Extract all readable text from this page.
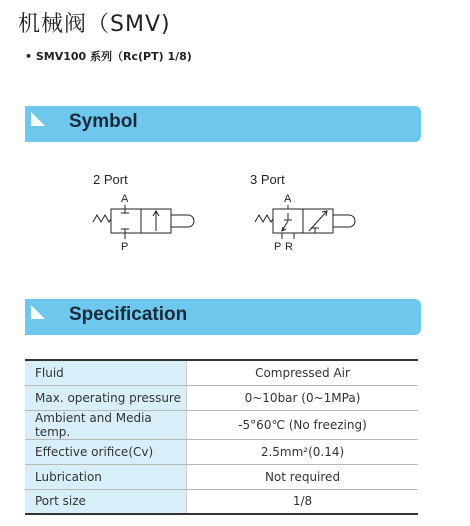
机械阀（SMV)
• SMV100 系列（Rc(PT) 1/8)
Symbol
2 Port
A
P
3 Port
A
P R
Specification
Fluid	Compressed Air
Max. operating pressure	0~10bar (0~1MPa)
Ambient and Media temp.	-5°60℃ (No freezing)
Effective orifice(Cv)	2.5mm²(0.14)
Lubrication	Not required
Port size	1/8
